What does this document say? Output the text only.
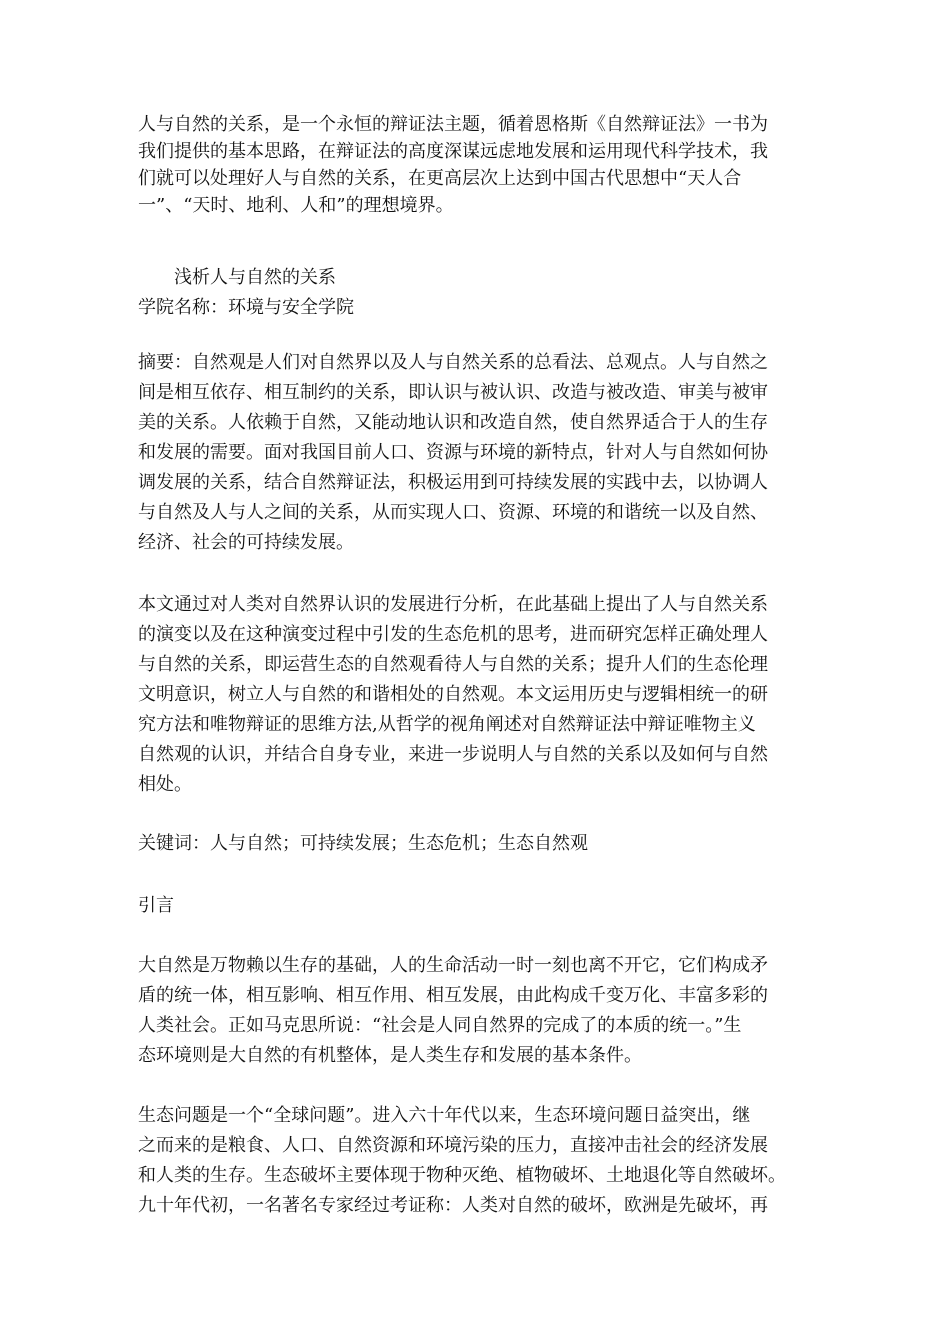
人与自然的关系，是一个永恒的辩证法主题，循着恩格斯《自然辩证法》一书为
我们提供的基本思路，在辩证法的高度深谋远虑地发展和运用现代科学技术，我
们就可以处理好人与自然的关系，在更高层次上达到中国古代思想中“天人合
一”、“天时、地利、人和”的理想境界。
浅析人与自然的关系
学院名称：环境与安全学院
摘要：自然观是人们对自然界以及人与自然关系的总看法、总观点。人与自然之
间是相互依存、相互制约的关系，即认识与被认识、改造与被改造、审美与被审
美的关系。人依赖于自然，又能动地认识和改造自然，使自然界适合于人的生存
和发展的需要。面对我国目前人口、资源与环境的新特点，针对人与自然如何协
调发展的关系，结合自然辩证法，积极运用到可持续发展的实践中去，以协调人
与自然及人与人之间的关系，从而实现人口、资源、环境的和谐统一以及自然、
经济、社会的可持续发展。
本文通过对人类对自然界认识的发展进行分析，在此基础上提出了人与自然关系
的演变以及在这种演变过程中引发的生态危机的思考，进而研究怎样正确处理人
与自然的关系，即运营生态的自然观看待人与自然的关系；提升人们的生态伦理
文明意识，树立人与自然的和谐相处的自然观。本文运用历史与逻辑相统一的研
究方法和唯物辩证的思维方法,从哲学的视角阐述对自然辩证法中辩证唯物主义
自然观的认识，并结合自身专业，来进一步说明人与自然的关系以及如何与自然
相处。
关键词：人与自然；可持续发展；生态危机；生态自然观
引言
大自然是万物赖以生存的基础，人的生命活动一时一刻也离不开它，它们构成矛
盾的统一体，相互影响、相互作用、相互发展，由此构成千变万化、丰富多彩的
人类社会。正如马克思所说：“社会是人同自然界的完成了的本质的统一。”生
态环境则是大自然的有机整体，是人类生存和发展的基本条件。
生态问题是一个“全球问题”。进入六十年代以来，生态环境问题日益突出，继
之而来的是粮食、人口、自然资源和环境污染的压力，直接冲击社会的经济发展
和人类的生存。生态破坏主要体现于物种灭绝、植物破坏、土地退化等自然破坏。
九十年代初，一名著名专家经过考证称：人类对自然的破坏，欧洲是先破坏，再
